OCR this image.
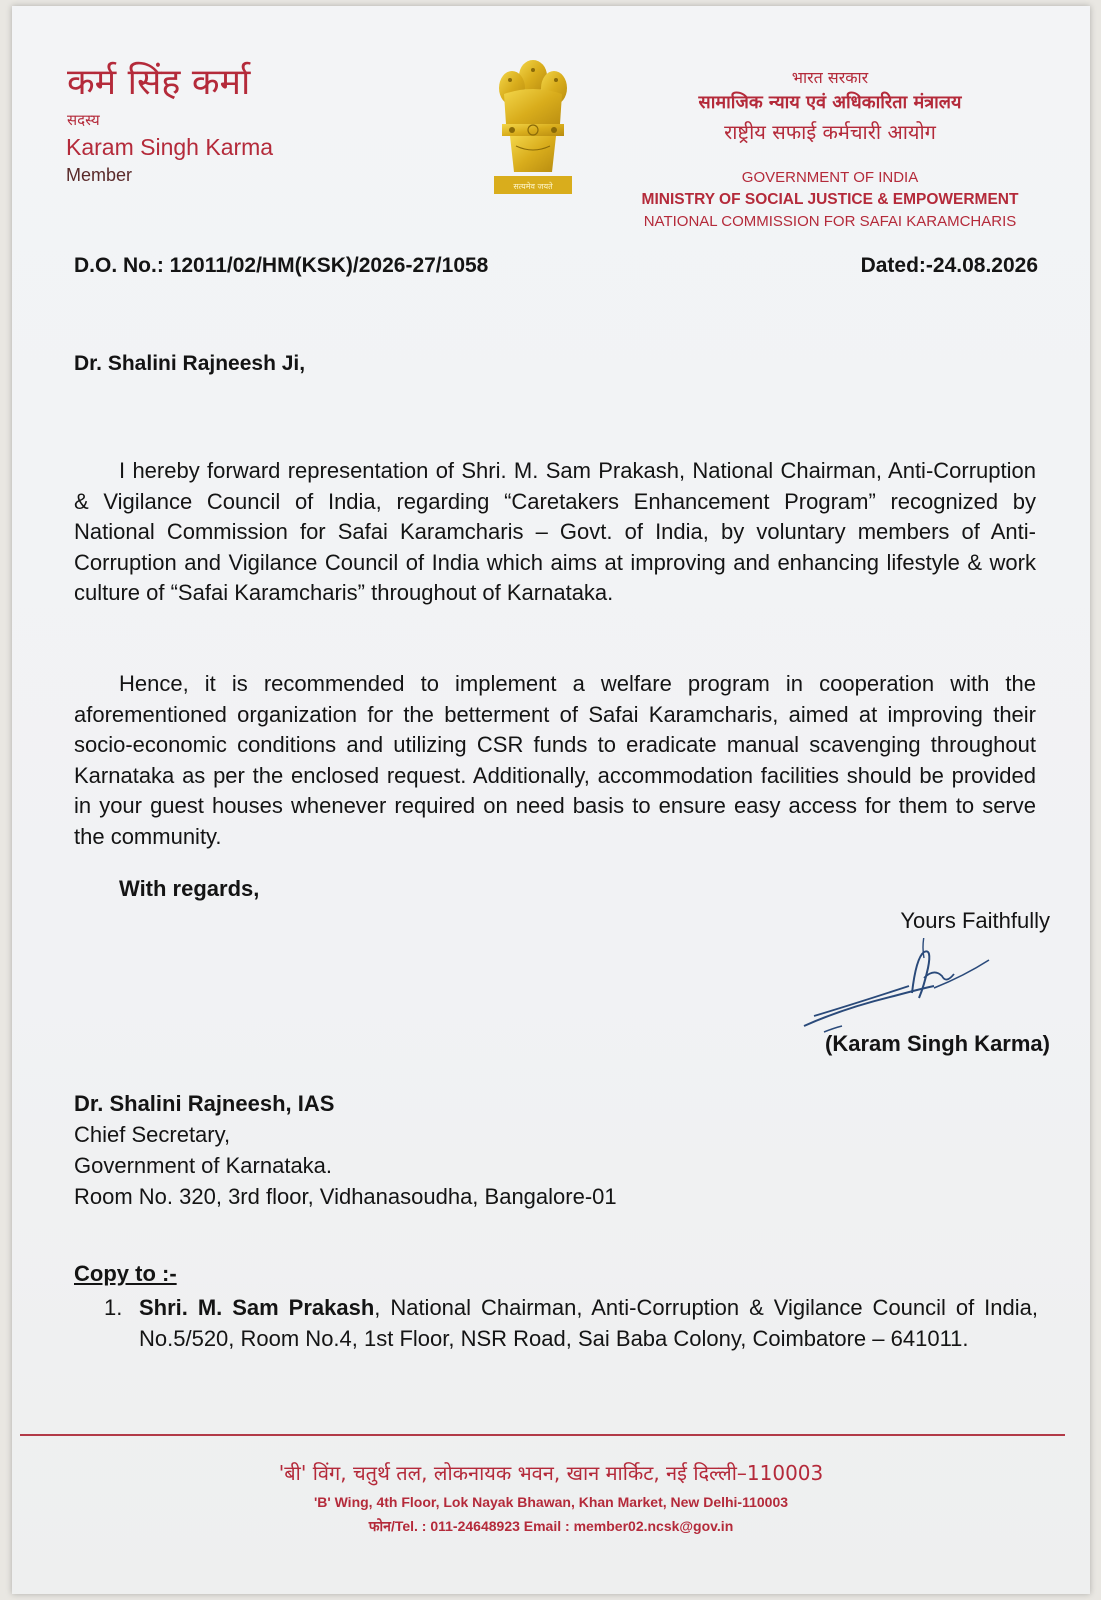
कर्म सिंह कर्मा
सदस्य
Karam Singh Karma
Member
सत्यमेव जयते
भारत सरकार
सामाजिक न्याय एवं अधिकारिता मंत्रालय
राष्ट्रीय सफाई कर्मचारी आयोग
GOVERNMENT OF INDIA
MINISTRY OF SOCIAL JUSTICE & EMPOWERMENT
NATIONAL COMMISSION FOR SAFAI KARAMCHARIS
D.O. No.: 12011/02/HM(KSK)/2026-27/1058	Dated:-24.08.2026
Dr. Shalini Rajneesh Ji,
I hereby forward representation of Shri. M. Sam Prakash, National Chairman, Anti-Corruption & Vigilance Council of India, regarding “Caretakers Enhancement Program” recognized by National Commission for Safai Karamcharis – Govt. of India, by voluntary members of Anti-Corruption and Vigilance Council of India which aims at improving and enhancing lifestyle & work culture of “Safai Karamcharis” throughout of Karnataka.
Hence, it is recommended to implement a welfare program in cooperation with the aforementioned organization for the betterment of Safai Karamcharis, aimed at improving their socio-economic conditions and utilizing CSR funds to eradicate manual scavenging throughout Karnataka as per the enclosed request. Additionally, accommodation facilities should be provided in your guest houses whenever required on need basis to ensure easy access for them to serve the community.
With regards,
Yours Faithfully
(Karam Singh Karma)
Dr. Shalini Rajneesh, IAS
Chief Secretary,
Government of Karnataka.
Room No. 320, 3rd floor, Vidhanasoudha, Bangalore-01
Copy to :-
1. Shri. M. Sam Prakash, National Chairman, Anti-Corruption & Vigilance Council of India, No.5/520, Room No.4, 1st Floor, NSR Road, Sai Baba Colony, Coimbatore – 641011.
'बी' विंग, चतुर्थ तल, लोकनायक भवन, खान मार्किट, नई दिल्ली–110003
'B' Wing, 4th Floor, Lok Nayak Bhawan, Khan Market, New Delhi-110003
फोन/Tel. : 011-24648923 Email : member02.ncsk@gov.in
